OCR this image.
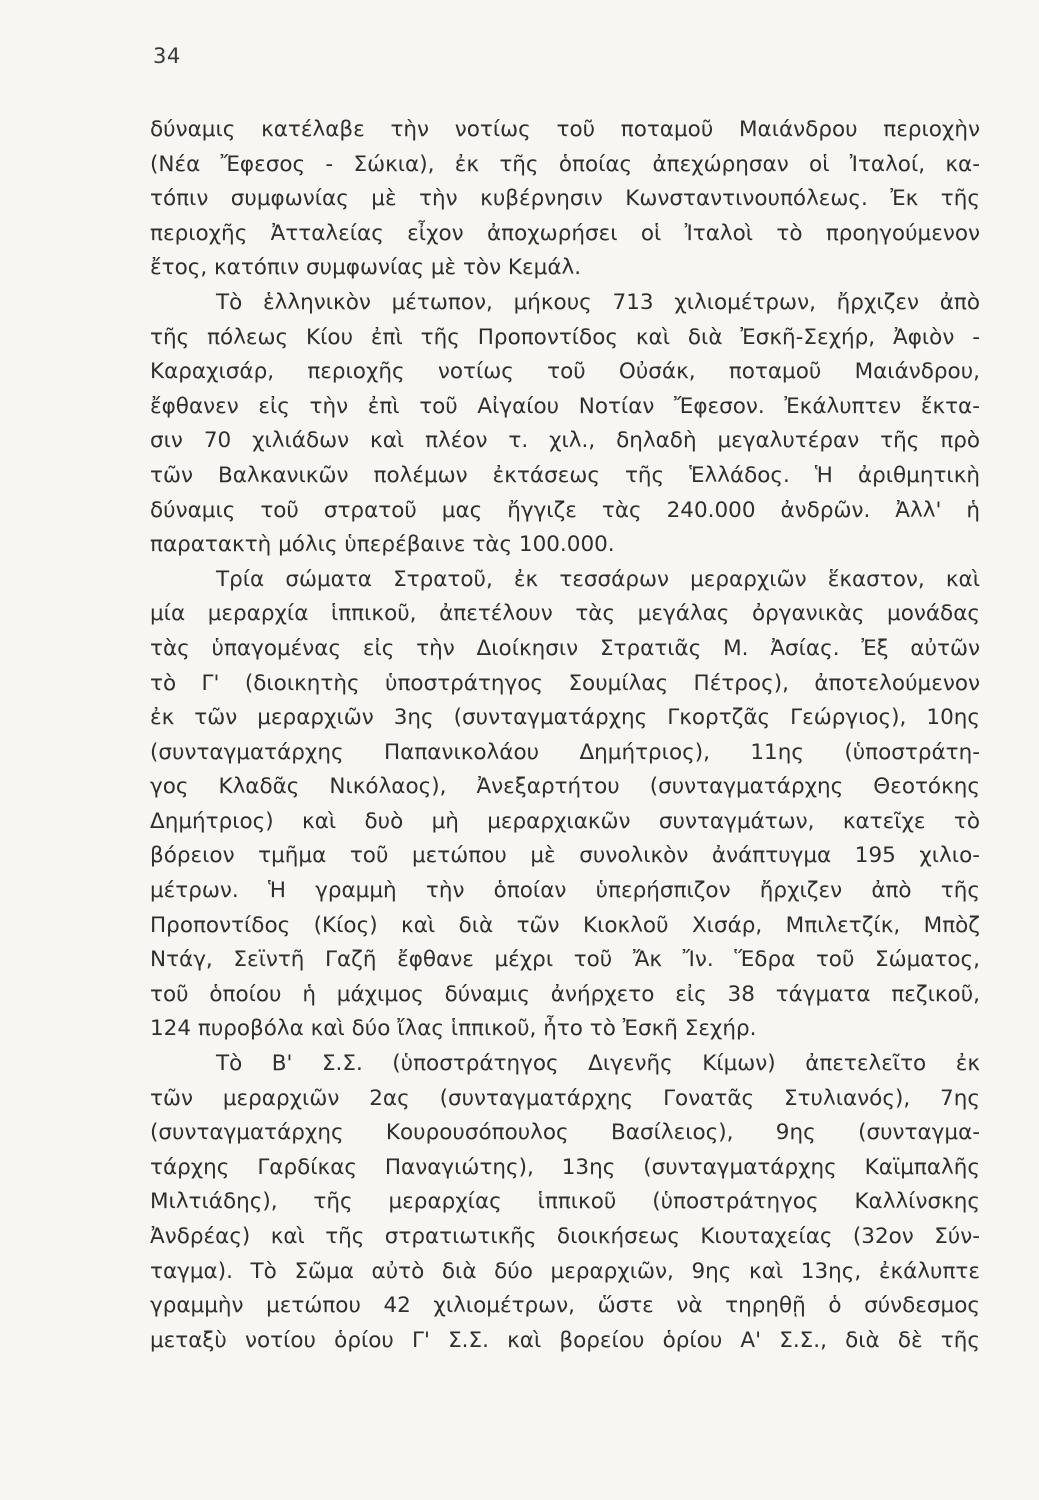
34
δύναμις κατέλαβε τὴν νοτίως τοῦ ποταμοῦ Μαιάνδρου περιοχὴν
(Νέα Ἔφεσος - Σώκια), ἐκ τῆς ὁποίας ἀπεχώρησαν οἱ Ἰταλοί, κα-
τόπιν συμφωνίας μὲ τὴν κυβέρνησιν Κωνσταντινουπόλεως. Ἐκ τῆς
περιοχῆς Ἀτταλείας εἶχον ἀποχωρήσει οἱ Ἰταλοὶ τὸ προηγούμενον
ἔτος, κατόπιν συμφωνίας μὲ τὸν Κεμάλ.
Τὸ ἑλληνικὸν μέτωπον, μήκους 713 χιλιομέτρων, ἤρχιζεν ἀπὸ
τῆς πόλεως Κίου ἐπὶ τῆς Προποντίδος καὶ διὰ Ἐσκῆ-Σεχήρ, Ἀφιὸν -
Καραχισάρ, περιοχῆς νοτίως τοῦ Οὐσάκ, ποταμοῦ Μαιάνδρου,
ἔφθανεν εἰς τὴν ἐπὶ τοῦ Αἰγαίου Νοτίαν Ἔφεσον. Ἐκάλυπτεν ἔκτα-
σιν 70 χιλιάδων καὶ πλέον τ. χιλ., δηλαδὴ μεγαλυτέραν τῆς πρὸ
τῶν Βαλκανικῶν πολέμων ἐκτάσεως τῆς Ἑλλάδος. Ἡ ἀριθμητικὴ
δύναμις τοῦ στρατοῦ μας ἤγγιζε τὰς 240.000 ἀνδρῶν. Ἀλλ' ἡ
παρατακτὴ μόλις ὑπερέβαινε τὰς 100.000.
Τρία σώματα Στρατοῦ, ἐκ τεσσάρων μεραρχιῶν ἕκαστον, καὶ
μία μεραρχία ἱππικοῦ, ἀπετέλουν τὰς μεγάλας ὀργανικὰς μονάδας
τὰς ὑπαγομένας εἰς τὴν Διοίκησιν Στρατιᾶς Μ. Ἀσίας. Ἐξ αὐτῶν
τὸ Γ' (διοικητὴς ὑποστράτηγος Σουμίλας Πέτρος), ἀποτελούμενον
ἐκ τῶν μεραρχιῶν 3ης (συνταγματάρχης Γκορτζᾶς Γεώργιος), 10ης
(συνταγματάρχης Παπανικολάου Δημήτριος), 11ης (ὑποστράτη-
γος Κλαδᾶς Νικόλαος), Ἀνεξαρτήτου (συνταγματάρχης Θεοτόκης
Δημήτριος) καὶ δυὸ μὴ μεραρχιακῶν συνταγμάτων, κατεῖχε τὸ
βόρειον τμῆμα τοῦ μετώπου μὲ συνολικὸν ἀνάπτυγμα 195 χιλιο-
μέτρων. Ἡ γραμμὴ τὴν ὁποίαν ὑπερήσπιζον ἤρχιζεν ἀπὸ τῆς
Προποντίδος (Κίος) καὶ διὰ τῶν Κιοκλοῦ Χισάρ, Μπιλετζίκ, Μπὸζ
Ντάγ, Σεϊντῆ Γαζῆ ἔφθανε μέχρι τοῦ Ἄκ Ἴν. Ἕδρα τοῦ Σώματος,
τοῦ ὁποίου ἡ μάχιμος δύναμις ἀνήρχετο εἰς 38 τάγματα πεζικοῦ,
124 πυροβόλα καὶ δύο ἴλας ἱππικοῦ, ἦτο τὸ Ἐσκῆ Σεχήρ.
Τὸ Β' Σ.Σ. (ὑποστράτηγος Διγενῆς Κίμων) ἀπετελεῖτο ἐκ
τῶν μεραρχιῶν 2ας (συνταγματάρχης Γονατᾶς Στυλιανός), 7ης
(συνταγματάρχης Κουρουσόπουλος Βασίλειος), 9ης (συνταγμα-
τάρχης Γαρδίκας Παναγιώτης), 13ης (συνταγματάρχης Καϊμπαλῆς
Μιλτιάδης), τῆς μεραρχίας ἱππικοῦ (ὑποστράτηγος Καλλίνσκης
Ἀνδρέας) καὶ τῆς στρατιωτικῆς διοικήσεως Κιουταχείας (32ον Σύν-
ταγμα). Τὸ Σῶμα αὐτὸ διὰ δύο μεραρχιῶν, 9ης καὶ 13ης, ἐκάλυπτε
γραμμὴν μετώπου 42 χιλιομέτρων, ὥστε νὰ τηρηθῇ ὁ σύνδεσμος
μεταξὺ νοτίου ὁρίου Γ' Σ.Σ. καὶ βορείου ὁρίου Α' Σ.Σ., διὰ δὲ τῆς
